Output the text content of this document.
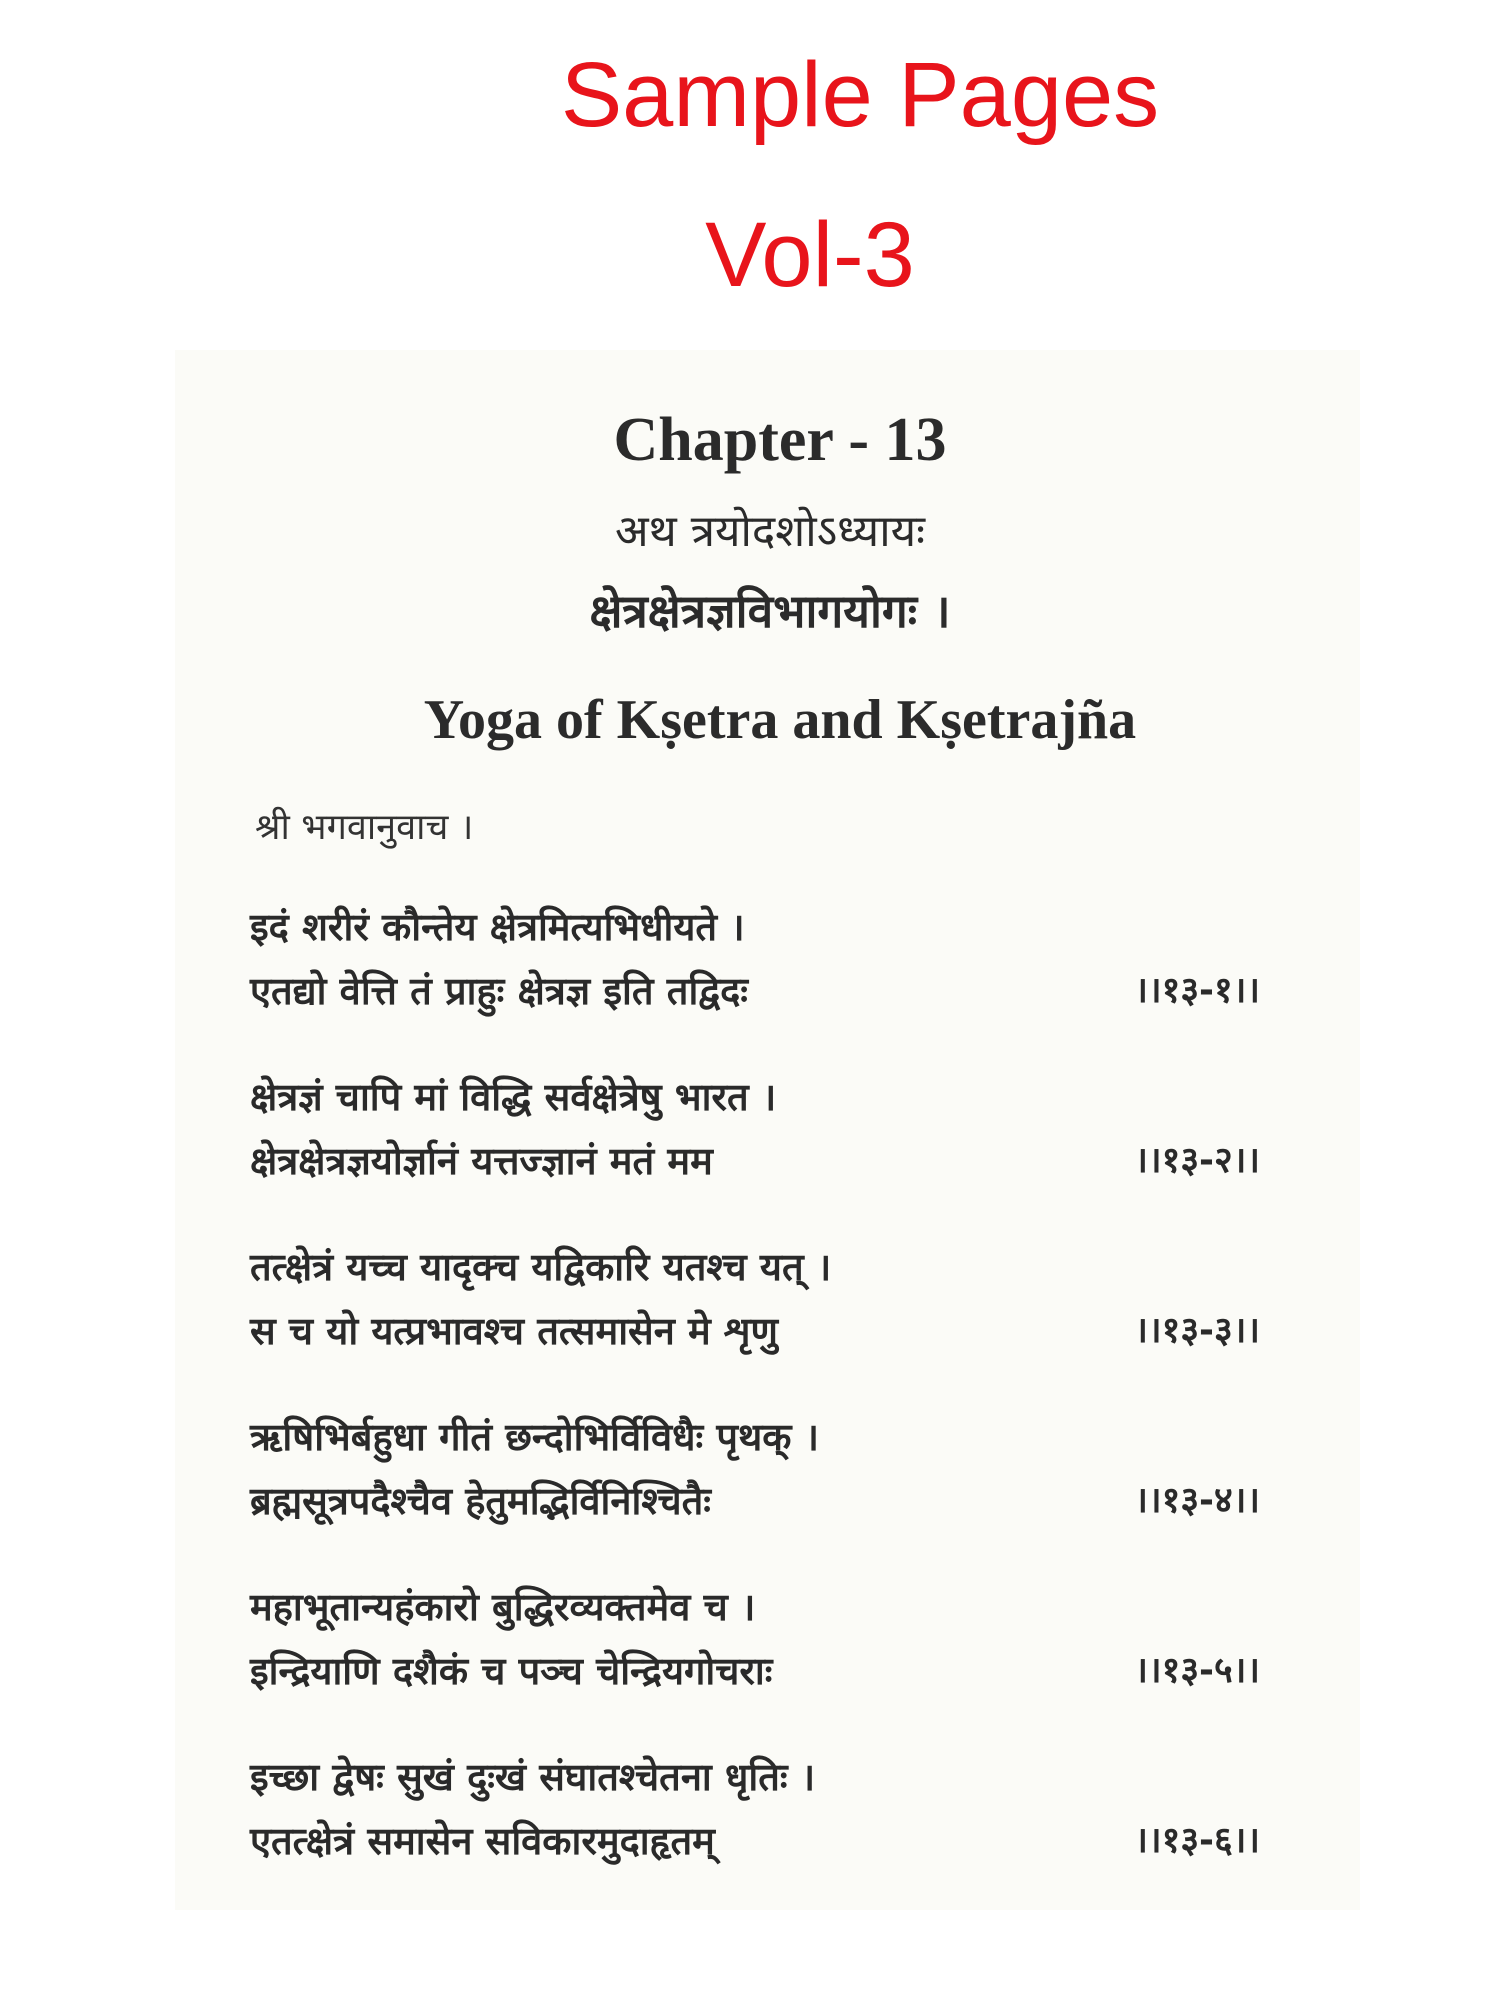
Sample Pages
Vol-3
Chapter - 13
अथ त्रयोदशोऽध्यायः
क्षेत्रक्षेत्रज्ञविभागयोगः ।
Yoga of Kṣetra and Kṣetrajña
श्री भगवानुवाच ।
इदं शरीरं कौन्तेय क्षेत्रमित्यभिधीयते ।
एतद्यो वेत्ति तं प्राहुः क्षेत्रज्ञ इति तद्विदः	।।१३-१।।
क्षेत्रज्ञं चापि मां विद्धि सर्वक्षेत्रेषु भारत ।
क्षेत्रक्षेत्रज्ञयोर्ज्ञानं यत्तज्ज्ञानं मतं मम	।।१३-२।।
तत्क्षेत्रं यच्च यादृक्च यद्विकारि यतश्च यत् ।
स च यो यत्प्रभावश्च तत्समासेन मे शृणु	।।१३-३।।
ऋषिभिर्बहुधा गीतं छन्दोभिर्विविधैः पृथक् ।
ब्रह्मसूत्रपदैश्चैव हेतुमद्भिर्विनिश्चितैः	।।१३-४।।
महाभूतान्यहंकारो बुद्धिरव्यक्तमेव च ।
इन्द्रियाणि दशैकं च पञ्च चेन्द्रियगोचराः	।।१३-५।।
इच्छा द्वेषः सुखं दुःखं संघातश्चेतना धृतिः ।
एतत्क्षेत्रं समासेन सविकारमुदाहृतम्	।।१३-६।।
